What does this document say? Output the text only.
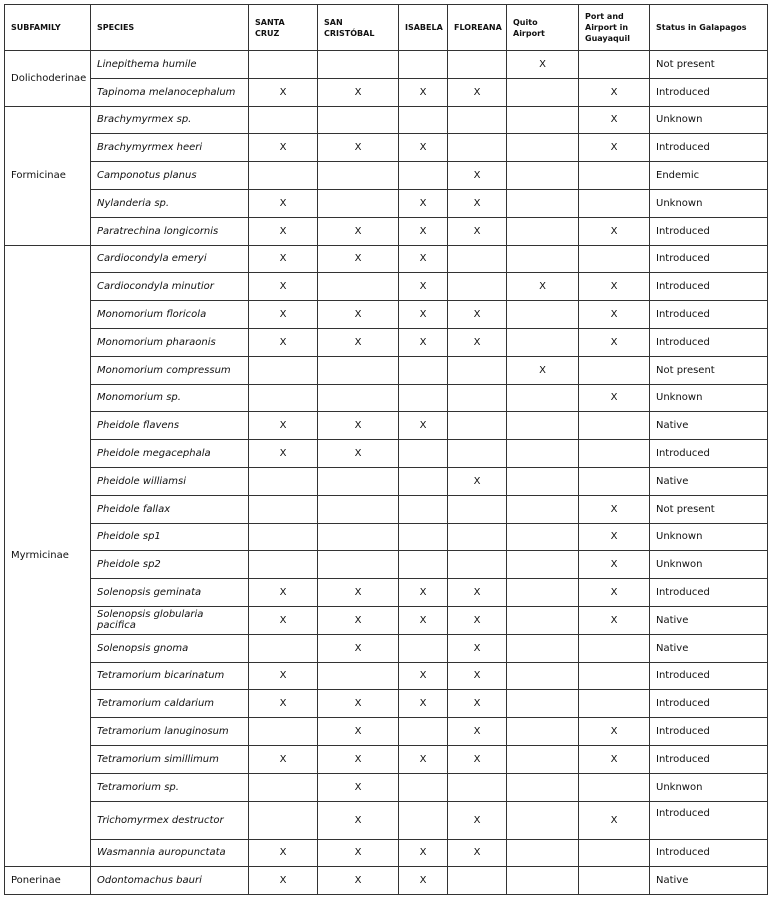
SUBFAMILY	SPECIES	SANTA CRUZ	SAN CRISTÓBAL	ISABELA	FLOREANA	Quito Airport	Port and Airport in Guayaquil	Status in Galapagos
Dolichoderinae	Linepithema humile					X		Not present
	Tapinoma melanocephalum	X	X	X	X		X	Introduced
Formicinae	Brachymyrmex sp.						X	Unknown
	Brachymyrmex heeri	X	X	X			X	Introduced
	Camponotus planus				X			Endemic
	Nylanderia sp.	X		X	X			Unknown
	Paratrechina longicornis	X	X	X	X		X	Introduced
Myrmicinae	Cardiocondyla emeryi	X	X	X				Introduced
	Cardiocondyla minutior	X		X		X	X	Introduced
	Monomorium floricola	X	X	X	X		X	Introduced
	Monomorium pharaonis	X	X	X	X		X	Introduced
	Monomorium compressum					X		Not present
	Monomorium sp.						X	Unknown
	Pheidole flavens	X	X	X				Native
	Pheidole megacephala	X	X					Introduced
	Pheidole williamsi				X			Native
	Pheidole fallax						X	Not present
	Pheidole sp1						X	Unknown
	Pheidole sp2						X	Unknwon
	Solenopsis geminata	X	X	X	X		X	Introduced
	Solenopsis globularia pacifica	X	X	X	X		X	Native
	Solenopsis gnoma		X		X			Native
	Tetramorium bicarinatum	X		X	X			Introduced
	Tetramorium caldarium	X	X	X	X			Introduced
	Tetramorium lanuginosum		X		X		X	Introduced
	Tetramorium simillimum	X	X	X	X		X	Introduced
	Tetramorium sp.		X					Unknwon
	Trichomyrmex destructor		X		X		X	Introduced
	Wasmannia auropunctata	X	X	X	X			Introduced
Ponerinae	Odontomachus bauri	X	X	X				Native
